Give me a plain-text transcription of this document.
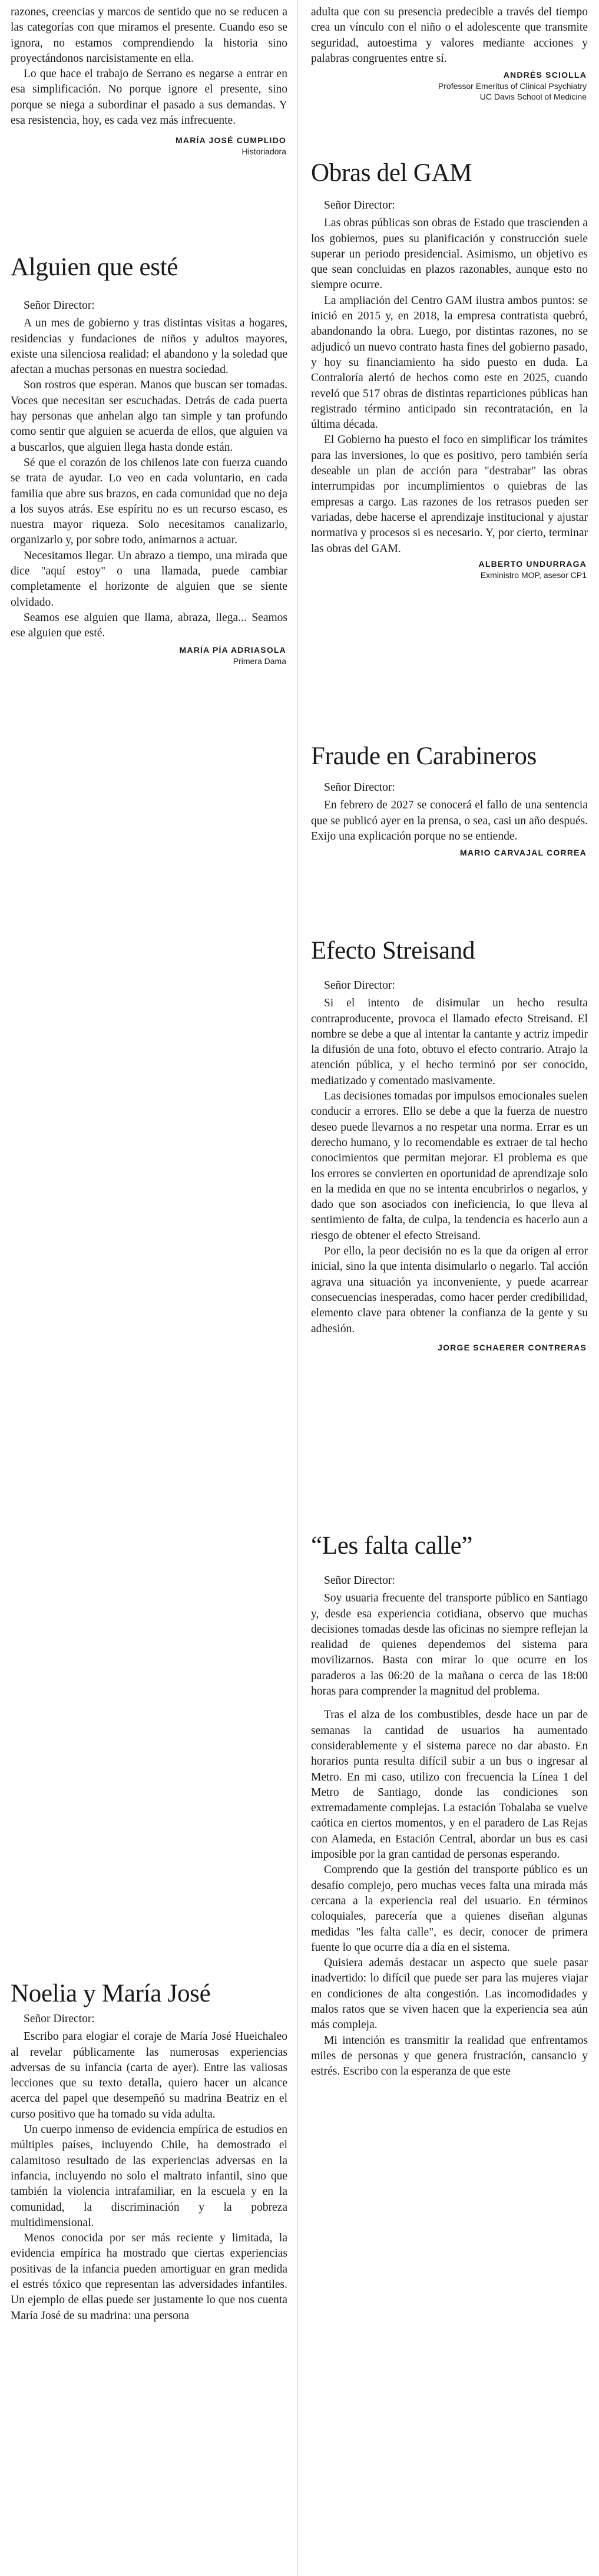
razones, creencias y marcos de sentido que no se reducen a las categorías con que miramos el presente. Cuando eso se ignora, no estamos comprendiendo la historia sino proyectándonos narcisistamente en ella.

Lo que hace el trabajo de Serrano es negarse a entrar en esa simplificación. No porque ignore el presente, sino porque se niega a subordinar el pasado a sus demandas. Y esa resistencia, hoy, es cada vez más infrecuente.

MARÍA JOSÉ CUMPLIDO
Historiadora
Alguien que esté

Señor Director:

A un mes de gobierno y tras distintas visitas a hogares, residencias y fundaciones de niños y adultos mayores, existe una silenciosa realidad: el abandono y la soledad que afectan a muchas personas en nuestra sociedad.

Son rostros que esperan. Manos que buscan ser tomadas. Voces que necesitan ser escuchadas. Detrás de cada puerta hay personas que anhelan algo tan simple y tan profundo como sentir que alguien se acuerda de ellos, que alguien va a buscarlos, que alguien llega hasta donde están.

Sé que el corazón de los chilenos late con fuerza cuando se trata de ayudar. Lo veo en cada voluntario, en cada familia que abre sus brazos, en cada comunidad que no deja a los suyos atrás. Ese espíritu no es un recurso escaso, es nuestra mayor riqueza. Solo necesitamos canalizarlo, organizarlo y, por sobre todo, animarnos a actuar.

Necesitamos llegar. Un abrazo a tiempo, una mirada que dice "aquí estoy" o una llamada, puede cambiar completamente el horizonte de alguien que se siente olvidado.

Seamos ese alguien que llama, abraza, llega... Seamos ese alguien que esté.

MARÍA PÍA ADRIASOLA
Primera Dama
Noelia y María José

Señor Director:

Escribo para elogiar el coraje de María José Hueichaleo al revelar públicamente las numerosas experiencias adversas de su infancia (carta de ayer). Entre las valiosas lecciones que su texto detalla, quiero hacer un alcance acerca del papel que desempeñó su madrina Beatriz en el curso positivo que ha tomado su vida adulta.

Un cuerpo inmenso de evidencia empírica de estudios en múltiples países, incluyendo Chile, ha demostrado el calamitoso resultado de las experiencias adversas en la infancia, incluyendo no solo el maltrato infantil, sino que también la violencia intrafamiliar, en la escuela y en la comunidad, la discriminación y la pobreza multidimensional.

Menos conocida por ser más reciente y limitada, la evidencia empírica ha mostrado que ciertas experiencias positivas de la infancia pueden amortiguar en gran medida el estrés tóxico que representan las adversidades infantiles. Un ejemplo de ellas puede ser justamente lo que nos cuenta María José de su madrina: una persona

adulta que con su presencia predecible a través del tiempo crea un vínculo con el niño o el adolescente que transmite seguridad, autoestima y valores mediante acciones y palabras congruentes entre sí.

ANDRÉS SCIOLLA
Professor Emeritus of Clinical Psychiatry
UC Davis School of Medicine
Obras del GAM

Señor Director:

Las obras públicas son obras de Estado que trascienden a los gobiernos, pues su planificación y construcción suele superar un periodo presidencial. Asimismo, un objetivo es que sean concluidas en plazos razonables, aunque esto no siempre ocurre.

La ampliación del Centro GAM ilustra ambos puntos: se inició en 2015 y, en 2018, la empresa contratista quebró, abandonando la obra. Luego, por distintas razones, no se adjudicó un nuevo contrato hasta fines del gobierno pasado, y hoy su financiamiento ha sido puesto en duda. La Contraloría alertó de hechos como este en 2025, cuando reveló que 517 obras de distintas reparticiones públicas han registrado término anticipado sin recontratación, en la última década.

El Gobierno ha puesto el foco en simplificar los trámites para las inversiones, lo que es positivo, pero también sería deseable un plan de acción para "destrabar" las obras interrumpidas por incumplimientos o quiebras de las empresas a cargo. Las razones de los retrasos pueden ser variadas, debe hacerse el aprendizaje institucional y ajustar normativa y procesos si es necesario. Y, por cierto, terminar las obras del GAM.

ALBERTO UNDURRAGA
Exministro MOP, asesor CP1
Fraude en Carabineros

Señor Director:

En febrero de 2027 se conocerá el fallo de una sentencia que se publicó ayer en la prensa, o sea, casi un año después. Exijo una explicación porque no se entiende.

MARIO CARVAJAL CORREA
Efecto Streisand

Señor Director:

Si el intento de disimular un hecho resulta contraproducente, provoca el llamado efecto Streisand. El nombre se debe a que al intentar la cantante y actriz impedir la difusión de una foto, obtuvo el efecto contrario. Atrajo la atención pública, y el hecho terminó por ser conocido, mediatizado y comentado masivamente.

Las decisiones tomadas por impulsos emocionales suelen conducir a errores. Ello se debe a que la fuerza de nuestro deseo puede llevarnos a no respetar una norma. Errar es un derecho humano, y lo recomendable es extraer de tal hecho conocimientos que permitan mejorar. El problema es que los errores se convierten en oportunidad de aprendizaje solo en la medida en que no se intenta encubrirlos o negarlos, y dado que son asociados con ineficiencia, lo que lleva al sentimiento de falta, de culpa, la tendencia es hacerlo aun a riesgo de obtener el efecto Streisand.

Por ello, la peor decisión no es la que da origen al error inicial, sino la que intenta disimularlo o negarlo. Tal acción agrava una situación ya inconveniente, y puede acarrear consecuencias inesperadas, como hacer perder credibilidad, elemento clave para obtener la confianza de la gente y su adhesión.

JORGE SCHAERER CONTRERAS
“Les falta calle”

Señor Director:

Soy usuaria frecuente del transporte público en Santiago y, desde esa experiencia cotidiana, observo que muchas decisiones tomadas desde las oficinas no siempre reflejan la realidad de quienes dependemos del sistema para movilizarnos. Basta con mirar lo que ocurre en los paraderos a las 06:20 de la mañana o cerca de las 18:00 horas para comprender la magnitud del problema.

Tras el alza de los combustibles, desde hace un par de semanas la cantidad de usuarios ha aumentado considerablemente y el sistema parece no dar abasto. En horarios punta resulta difícil subir a un bus o ingresar al Metro. En mi caso, utilizo con frecuencia la Línea 1 del Metro de Santiago, donde las condiciones son extremadamente complejas. La estación Tobalaba se vuelve caótica en ciertos momentos, y en el paradero de Las Rejas con Alameda, en Estación Central, abordar un bus es casi imposible por la gran cantidad de personas esperando.

Comprendo que la gestión del transporte público es un desafío complejo, pero muchas veces falta una mirada más cercana a la experiencia real del usuario. En términos coloquiales, parecería que a quienes diseñan algunas medidas "les falta calle", es decir, conocer de primera fuente lo que ocurre día a día en el sistema.

Quisiera además destacar un aspecto que suele pasar inadvertido: lo difícil que puede ser para las mujeres viajar en condiciones de alta congestión. Las incomodidades y malos ratos que se viven hacen que la experiencia sea aún más compleja.

Mi intención es transmitir la realidad que enfrentamos miles de personas y que genera frustración, cansancio y estrés. Escribo con la esperanza de que este
